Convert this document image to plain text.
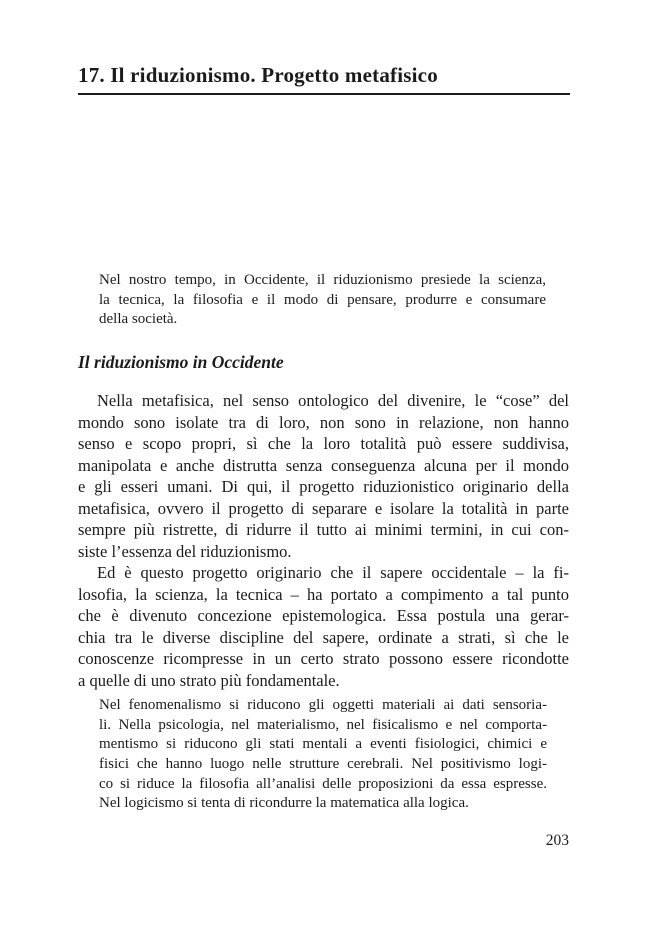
17. Il riduzionismo. Progetto metafisico
Nel nostro tempo, in Occidente, il riduzionismo presiede la scienza,
la tecnica, la filosofia e il modo di pensare, produrre e consumare
della società.
Il riduzionismo in Occidente
Nella metafisica, nel senso ontologico del divenire, le “cose” del
mondo sono isolate tra di loro, non sono in relazione, non hanno
senso e scopo propri, sì che la loro totalità può essere suddivisa,
manipolata e anche distrutta senza conseguenza alcuna per il mondo
e gli esseri umani. Di qui, il progetto riduzionistico originario della
metafisica, ovvero il progetto di separare e isolare la totalità in parte
sempre più ristrette, di ridurre il tutto ai minimi termini, in cui con-
siste l’essenza del riduzionismo.
Ed è questo progetto originario che il sapere occidentale – la fi-
losofia, la scienza, la tecnica – ha portato a compimento a tal punto
che è divenuto concezione epistemologica. Essa postula una gerar-
chia tra le diverse discipline del sapere, ordinate a strati, sì che le
conoscenze ricompresse in un certo strato possono essere ricondotte
a quelle di uno strato più fondamentale.
Nel fenomenalismo si riducono gli oggetti materiali ai dati sensoria-
li. Nella psicologia, nel materialismo, nel fisicalismo e nel comporta-
mentismo si riducono gli stati mentali a eventi fisiologici, chimici e
fisici che hanno luogo nelle strutture cerebrali. Nel positivismo logi-
co si riduce la filosofia all’analisi delle proposizioni da essa espresse.
Nel logicismo si tenta di ricondurre la matematica alla logica.
203
